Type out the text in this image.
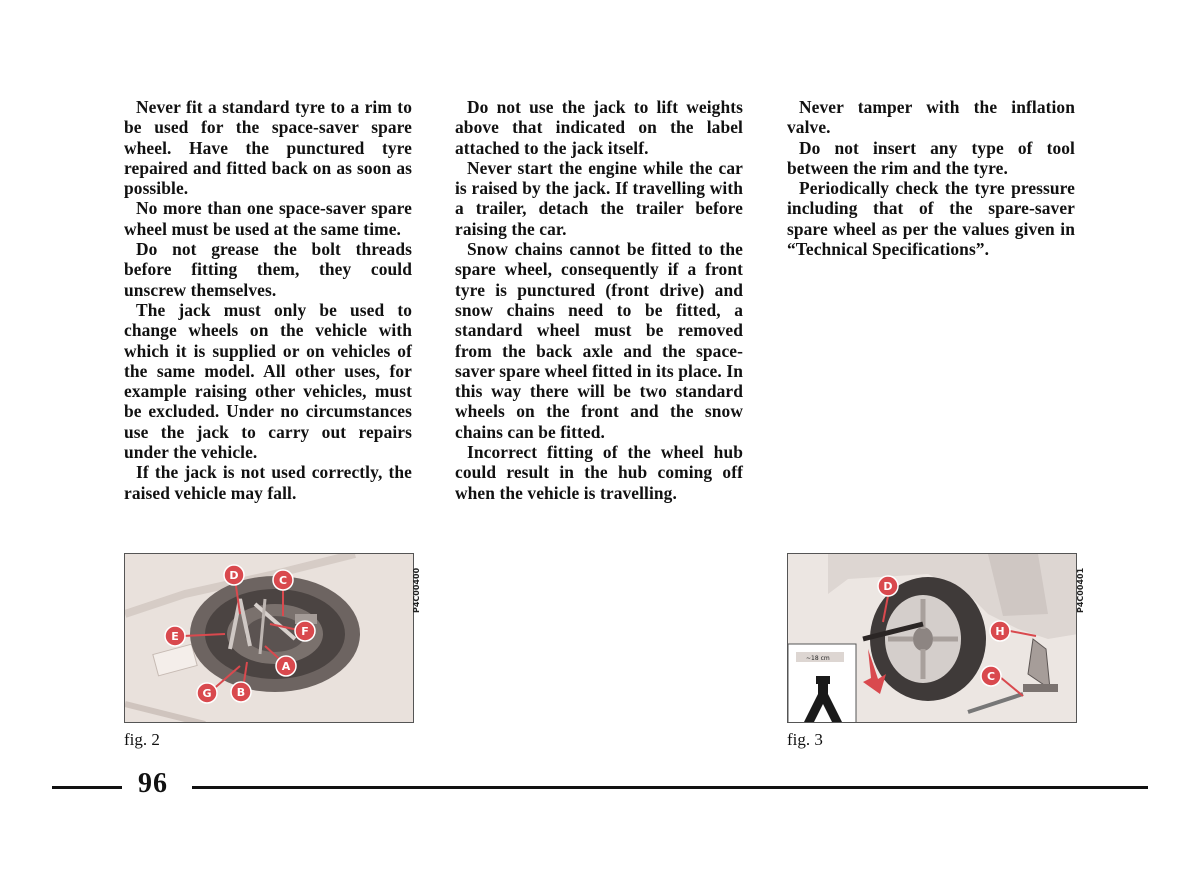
Never fit a standard tyre to a rim to be used for the space-saver spare wheel. Have the punctured tyre repaired and fitted back on as soon as possible.

No more than one space-saver spare wheel must be used at the same time.

Do not grease the bolt threads before fitting them, they could unscrew themselves.

The jack must only be used to change wheels on the vehicle with which it is supplied or on vehicles of the same model. All other uses, for example raising other vehicles, must be excluded. Under no circumstances use the jack to carry out repairs under the vehicle.

If the jack is not used correctly, the raised vehicle may fall.

Do not use the jack to lift weights above that indicated on the label attached to the jack itself.

Never start the engine while the car is raised by the jack. If travelling with a trailer, detach the trailer before raising the car.

Snow chains cannot be fitted to the spare wheel, consequently if a front tyre is punctured (front drive) and snow chains need to be fitted, a standard wheel must be removed from the back axle and the space-saver spare wheel fitted in its place. In this way there will be two standard wheels on the front and the snow chains can be fitted.

Incorrect fitting of the wheel hub could result in the hub coming off when the vehicle is travelling.

Never tamper with the inflation valve.

Do not insert any type of tool between the rim and the tyre.

Periodically check the tyre pressure including that of the spare-saver spare wheel as per the values given in “Technical Specifications”.

D	C
E	F
A
B
G
P4C00400
fig. 2
~18 cm
D
H
C
P4C00401
fig. 3
96
